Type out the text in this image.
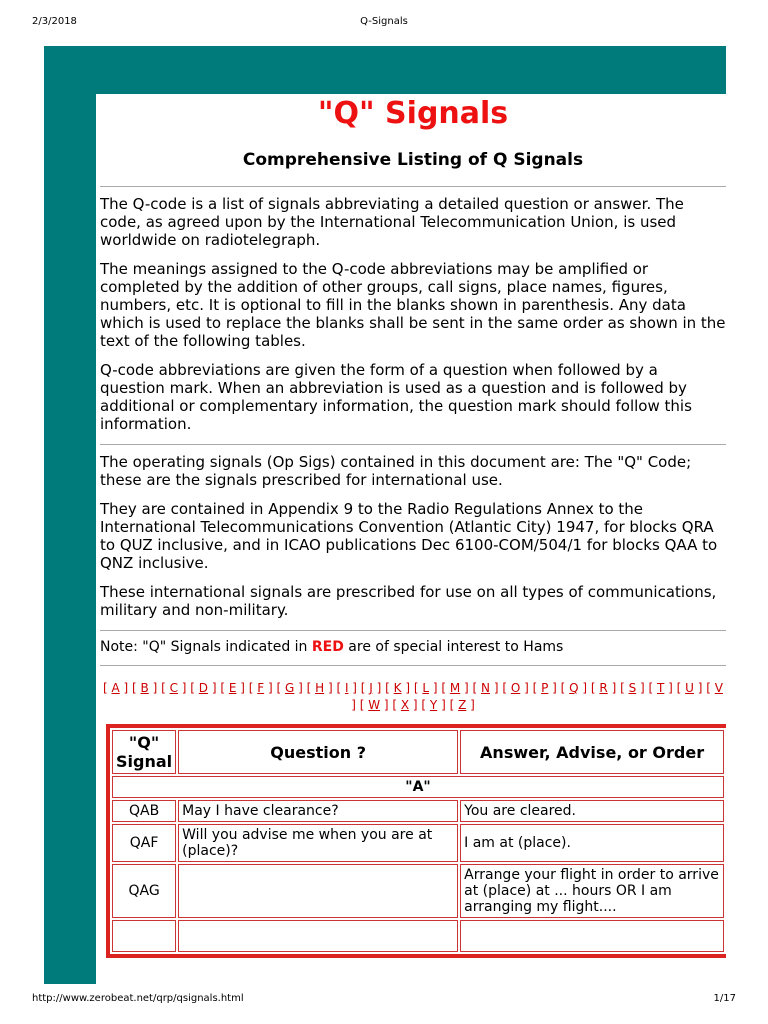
2/3/2018	Q-Signals
"Q" Signals
Comprehensive Listing of Q Signals

The Q-code is a list of signals abbreviating a detailed question or answer. The code, as agreed upon by the International Telecommunication Union, is used worldwide on radiotelegraph.

The meanings assigned to the Q-code abbreviations may be amplified or completed by the addition of other groups, call signs, place names, figures, numbers, etc. It is optional to fill in the blanks shown in parenthesis. Any data which is used to replace the blanks shall be sent in the same order as shown in the text of the following tables.

Q-code abbreviations are given the form of a question when followed by a question mark. When an abbreviation is used as a question and is followed by additional or complementary information, the question mark should follow this information.

The operating signals (Op Sigs) contained in this document are: The "Q" Code; these are the signals prescribed for international use.

They are contained in Appendix 9 to the Radio Regulations Annex to the International Telecommunications Convention (Atlantic City) 1947, for blocks QRA to QUZ inclusive, and in ICAO publications Dec 6100-COM/504/1 for blocks QAA to QNZ inclusive.

These international signals are prescribed for use on all types of communications, military and non-military.

Note: "Q" Signals indicated in RED are of special interest to Hams
[ A ] [ B ] [ C ] [ D ] [ E ] [ F ] [ G ] [ H ] [ I ] [ J ] [ K ] [ L ] [ M ] [ N ] [ O ] [ P ] [ Q ] [ R ] [ S ] [ T ] [ U ] [ V ] [ W ] [ X ] [ Y ] [ Z ]
"Q" Signal	Question ?	Answer, Advise, or Order
"A"		
QAB	May I have clearance?	You are cleared.
QAF	Will you advise me when you are at (place)?	I am at (place).
QAG		Arrange your flight in order to arrive at (place) at ... hours OR I am arranging my flight....

http://www.zerobeat.net/qrp/qsignals.html	1/17
